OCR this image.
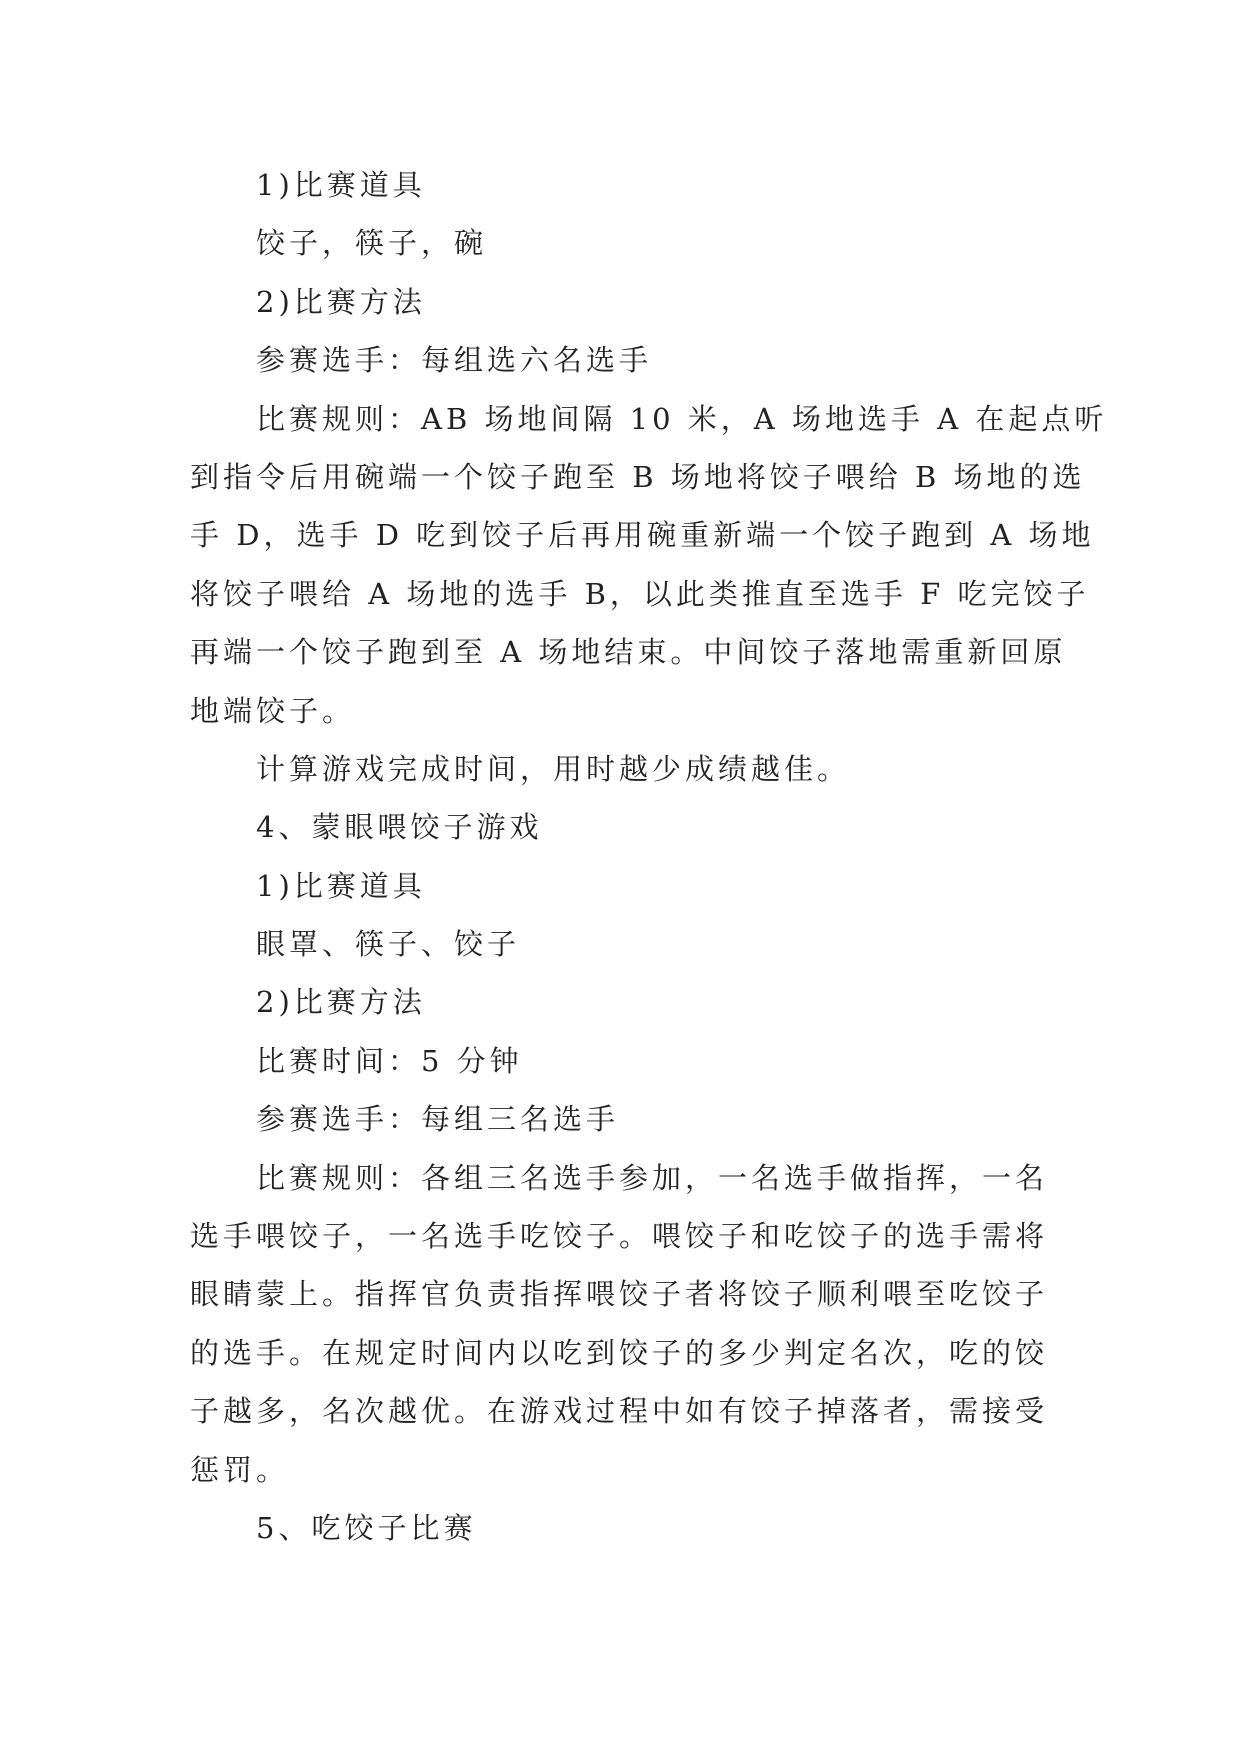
1)比赛道具
饺子，筷子，碗
2)比赛方法
参赛选手：每组选六名选手
比赛规则：AB 场地间隔 10 米，A 场地选手 A 在起点听
到指令后用碗端一个饺子跑至 B 场地将饺子喂给 B 场地的选
手 D，选手 D 吃到饺子后再用碗重新端一个饺子跑到 A 场地
将饺子喂给 A 场地的选手 B，以此类推直至选手 F 吃完饺子
再端一个饺子跑到至 A 场地结束。中间饺子落地需重新回原
地端饺子。
计算游戏完成时间，用时越少成绩越佳。
4、蒙眼喂饺子游戏
1)比赛道具
眼罩、筷子、饺子
2)比赛方法
比赛时间：5 分钟
参赛选手：每组三名选手
比赛规则：各组三名选手参加，一名选手做指挥，一名
选手喂饺子，一名选手吃饺子。喂饺子和吃饺子的选手需将
眼睛蒙上。指挥官负责指挥喂饺子者将饺子顺利喂至吃饺子
的选手。在规定时间内以吃到饺子的多少判定名次，吃的饺
子越多，名次越优。在游戏过程中如有饺子掉落者，需接受
惩罚。
5、吃饺子比赛
